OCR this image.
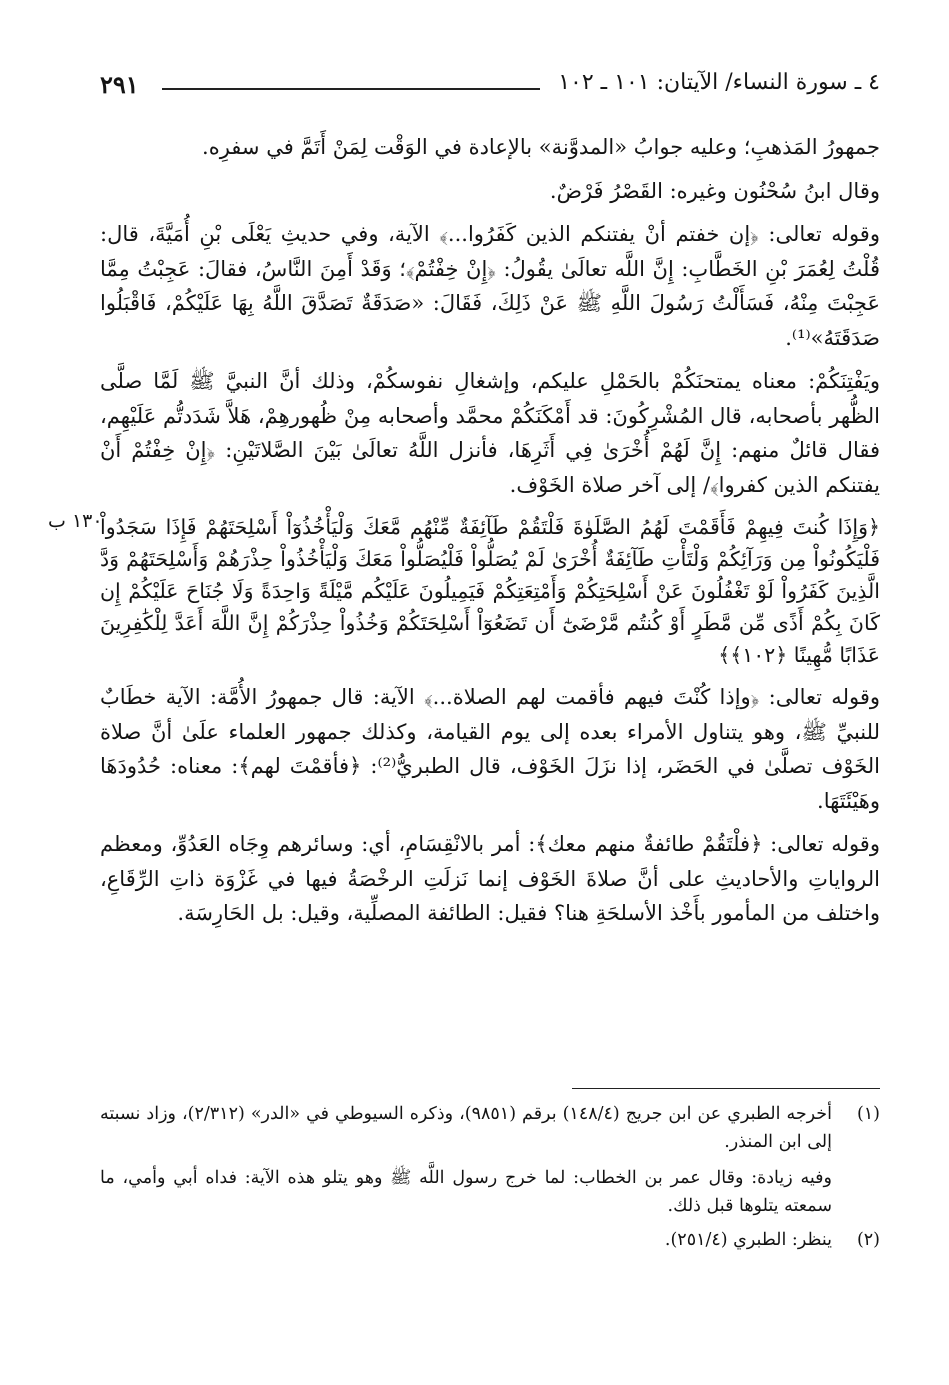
٢٩١	٤ ـ سورة النساء/ الآيتان: ١٠١ ـ ١٠٢
١٣٠ ب

جمهورُ المَذهبِ؛ وعليه جوابُ «المدوَّنة» بالإعادة في الوَقْت لِمَنْ أَتَمَّ في سفرِه.

وقال ابنُ سُحْنُون وغيره: القَصْرُ فَرْضٌ.

وقوله تعالى: ﴿إن خفتم أنْ يفتنكم الذين كَفَرُوا...﴾ الآية، وفي حديثِ يَعْلَى بْنِ أُمَيَّةَ، قال: قُلْتُ لِعُمَرَ بْنِ الخَطَّابِ: إِنَّ اللَّه تعالَىٰ يقُولُ: ﴿إِنْ خِفْتُمْ﴾؛ وَقَدْ أَمِنَ النَّاسُ، فقالَ: عَجِبْتُ مِمَّا عَجِبْتَ مِنْهُ، فَسَأَلْتُ رَسُولَ اللَّهِ ﷺ عَنْ ذَلِكَ، فَقَالَ: «صَدَقَةٌ تَصَدَّقَ اللَّهُ بِهَا عَلَيْكُمْ، فَاقْبَلُوا صَدَقَتَهُ»⁽¹⁾.

ويَفْتِنَكُمْ: معناه يمتحنَكُمْ بالحَمْلِ عليكم، وإشغالِ نفوسكُمْ، وذلك أنَّ النبيَّ ﷺ لَمَّا صلَّى الظُّهر بأصحابه، قال المُشْرِكُونَ: قد أَمْكَنَكُمْ محمَّد وأصحابه مِنْ ظُهورهِمْ، هَلاَّ شَدَدتُّم عَلَيْهِم، فقال قائلٌ منهم: إِنَّ لَهُمْ أُخْرَىٰ فِي أَثَرِهَا، فأنزل اللَّهُ تعالَىٰ بَيْنَ الصَّلاتَيْنِ: ﴿إِنْ خِفْتُمْ أَنْ يفتنكم الذين كفروا﴾/ إلى آخر صلاة الخَوْف.

﴿وَإِذَا كُنتَ فِيهِمْ فَأَقَمْتَ لَهُمُ الصَّلَوٰةَ فَلْتَقُمْ طَآئِفَةٌ مِّنْهُم مَّعَكَ وَلْيَأْخُذُوٓاْ أَسْلِحَتَهُمْ فَإِذَا سَجَدُواْ فَلْيَكُونُواْ مِن وَرَآئِكُمْ وَلْتَأْتِ طَآئِفَةٌ أُخْرَىٰ لَمْ يُصَلُّواْ فَلْيُصَلُّواْ مَعَكَ وَلْيَأْخُذُواْ حِذْرَهُمْ وَأَسْلِحَتَهُمْ وَدَّ الَّذِينَ كَفَرُواْ لَوْ تَغْفُلُونَ عَنْ أَسْلِحَتِكُمْ وَأَمْتِعَتِكُمْ فَيَمِيلُونَ عَلَيْكُم مَّيْلَةً وَاحِدَةً وَلَا جُنَاحَ عَلَيْكُمْ إِن كَانَ بِكُمْ أَذًى مِّن مَّطَرٍ أَوْ كُنتُم مَّرْضَىٰٓ أَن تَضَعُوٓاْ أَسْلِحَتَكُمْ وَخُذُواْ حِذْرَكُمْ إِنَّ اللَّهَ أَعَدَّ لِلْكَٰفِرِينَ عَذَابًا مُّهِينًا ﴿١٠٢﴾﴾

وقوله تعالى: ﴿وإذا كُنْتَ فيهم فأقمت لهم الصلاة...﴾ الآية: قال جمهورُ الأُمَّة: الآية خطَابٌ للنبيِّ ﷺ، وهو يتناول الأمراء بعده إلى يوم القيامة، وكذلك جمهور العلماء علَىٰ أنَّ صلاة الخَوْف تصلَّىٰ في الحَضَر، إذا نزَلَ الخَوْف، قال الطبريُّ⁽²⁾: ﴿فأقمْتَ لهم﴾: معناه: حُدُودَهَا وهَيْئَتَهَا.

وقوله تعالى: ﴿فلْتَقُمْ طائفةٌ منهم معك﴾: أمر بالانْقِسَامِ، أي: وسائرهم وِجَاه العَدُوِّ، ومعظم الرواياتِ والأحاديثِ على أنَّ صلاةَ الخَوْف إنما نَزلَتِ الرخْصَةُ فيها في غَزْوَة ذاتِ الرِّقَاعِ، واختلف من المأمور بأَخْذ الأسلحَةِ هنا؟ فقيل: الطائفة المصلِّية، وقيل: بل الحَارِسَة.

(١)
أخرجه الطبري عن ابن جريج (١٤٨/٤) برقم (٩٨٥١)، وذكره السيوطي في «الدر» (٢/٣١٢)، وزاد نسبته إلى ابن المنذر.
وفيه زيادة: وقال عمر بن الخطاب: لما خرج رسول اللَّه ﷺ وهو يتلو هذه الآية: فداه أبي وأمي، ما سمعته يتلوها قبل ذلك.
(٢)
ينظر: الطبري (٢٥١/٤).
